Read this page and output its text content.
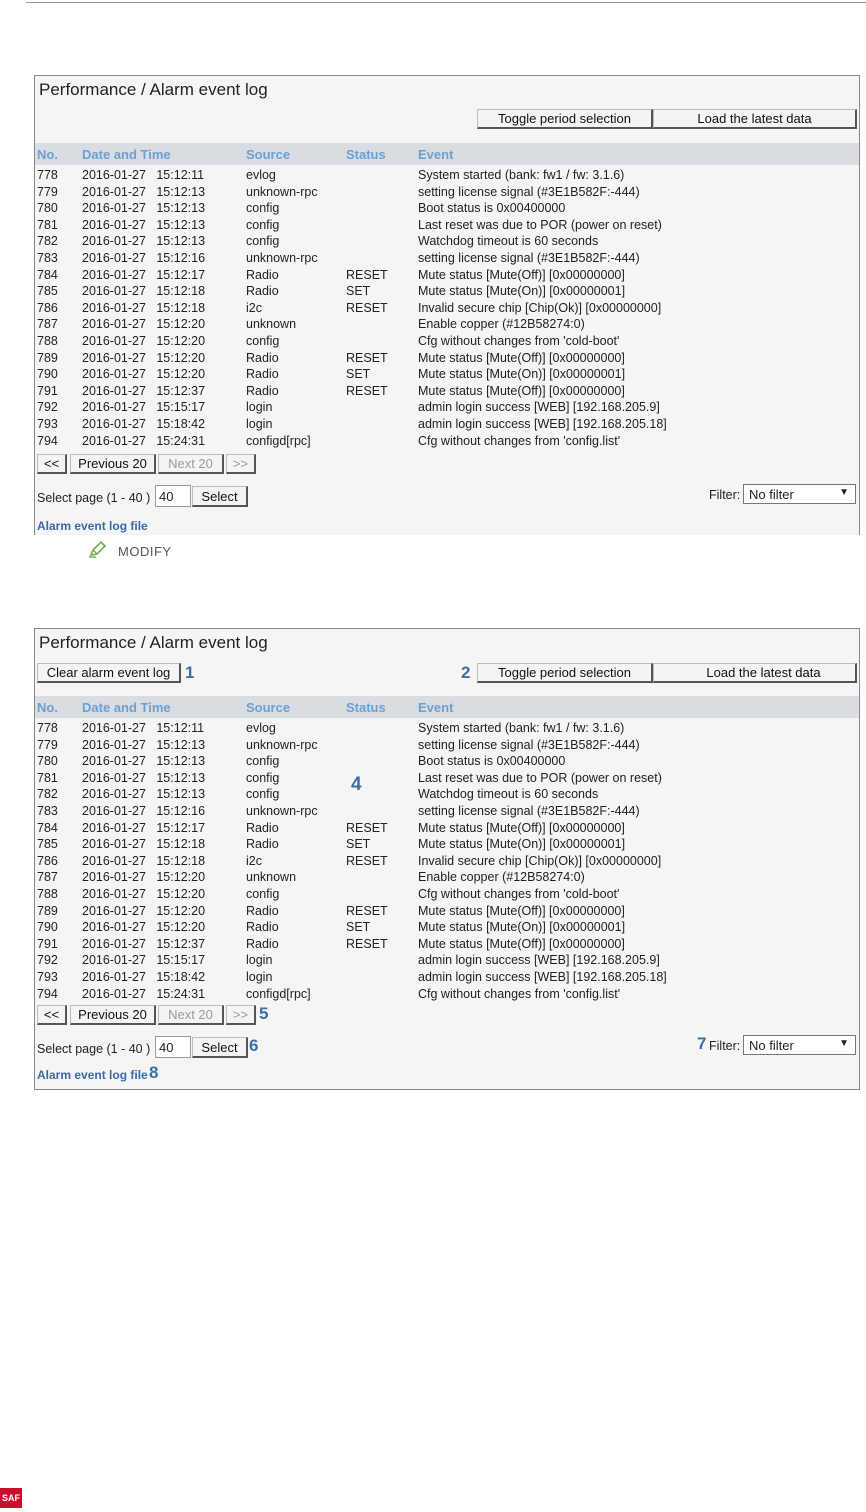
Performance / Alarm event log
Toggle period selection	Load the latest data
No. Date and Time	Source	Status Event
778 2016-01-27   15:12:11	evlog	System started (bank: fw1 / fw: 3.1.6)
779 2016-01-27   15:12:13	unknown-rpc	setting license signal (#3E1B582F:-444)
780 2016-01-27   15:12:13	config	Boot status is 0x00400000
781 2016-01-27   15:12:13	config	Last reset was due to POR (power on reset)
782 2016-01-27   15:12:13	config	Watchdog timeout is 60 seconds
783 2016-01-27   15:12:16	unknown-rpc	setting license signal (#3E1B582F:-444)
784 2016-01-27   15:12:17	Radio	RESET Mute status [Mute(Off)] [0x00000000]
785 2016-01-27   15:12:18	Radio	SET	Mute status [Mute(On)] [0x00000001]
786 2016-01-27   15:12:18	i2c	RESET Invalid secure chip [Chip(Ok)] [0x00000000]
787 2016-01-27   15:12:20	unknown	Enable copper (#12B58274:0)
788 2016-01-27   15:12:20	config	Cfg without changes from 'cold-boot'
789 2016-01-27   15:12:20	Radio	RESET Mute status [Mute(Off)] [0x00000000]
790 2016-01-27   15:12:20	Radio	SET	Mute status [Mute(On)] [0x00000001]
791 2016-01-27   15:12:37	Radio	RESET Mute status [Mute(Off)] [0x00000000]
792 2016-01-27   15:15:17	login	admin login success [WEB] [192.168.205.9]
793 2016-01-27   15:18:42	login	admin login success [WEB] [192.168.205.18]
794 2016-01-27   15:24:31	configd[rpc]	Cfg without changes from 'config.list'
<<	Previous 20	Next 20	>>
Select page (1 - 40 ) 40	Select	Filter: No filter	▼
Alarm event log file
MODIFY
Performance / Alarm event log
Clear alarm event log 1	2	Toggle period selection	Load the latest data
No. Date and Time	Source	Status Event
778 2016-01-27   15:12:11	evlog	System started (bank: fw1 / fw: 3.1.6)
779 2016-01-27   15:12:13	unknown-rpc	setting license signal (#3E1B582F:-444)
780 2016-01-27   15:12:13	config	Boot status is 0x00400000
781 2016-01-27   15:12:13	config	Last reset was due to POR (power on reset)
782 2016-01-27   15:12:13	config	Watchdog timeout is 60 seconds
783 2016-01-27   15:12:16	unknown-rpc	setting license signal (#3E1B582F:-444)
784 2016-01-27   15:12:17	Radio	RESET Mute status [Mute(Off)] [0x00000000]
785 2016-01-27   15:12:18	Radio	SET	Mute status [Mute(On)] [0x00000001]
786 2016-01-27   15:12:18	i2c	RESET Invalid secure chip [Chip(Ok)] [0x00000000]
787 2016-01-27   15:12:20	unknown	Enable copper (#12B58274:0)
788 2016-01-27   15:12:20	config	Cfg without changes from 'cold-boot'
789 2016-01-27   15:12:20	Radio	RESET Mute status [Mute(Off)] [0x00000000]
790 2016-01-27   15:12:20	Radio	SET	Mute status [Mute(On)] [0x00000001]
791 2016-01-27   15:12:37	Radio	RESET Mute status [Mute(Off)] [0x00000000]
792 2016-01-27   15:15:17	login	admin login success [WEB] [192.168.205.9]
793 2016-01-27   15:18:42	login	admin login success [WEB] [192.168.205.18]
794 2016-01-27   15:24:31	configd[rpc]	Cfg without changes from 'config.list'
4
<<	Previous 20	Next 20	>> 5
Select page (1 - 40 ) 40	Select 6	7 Filter: No filter	▼
Alarm event log file 8
SAF
